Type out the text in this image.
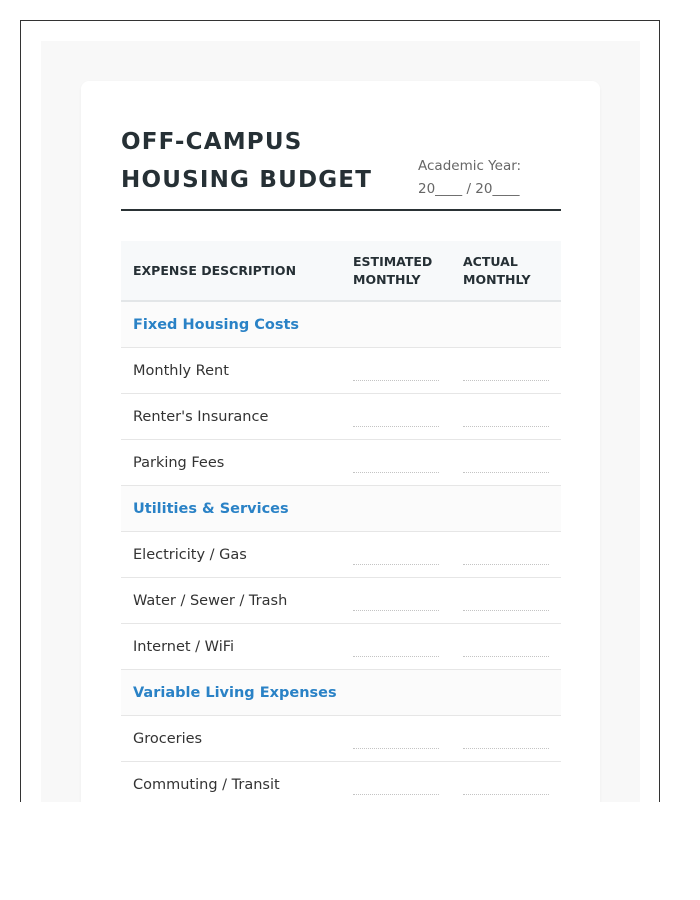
OFF-CAMPUS HOUSING BUDGET
Academic Year: 20____ / 20____
EXPENSE DESCRIPTION	ESTIMATED MONTHLY	ACTUAL MONTHLY
Fixed Housing Costs		
Monthly Rent	

Renter's Insurance	

Parking Fees	

Utilities & Services		
Electricity / Gas	

Water / Sewer / Trash	

Internet / WiFi	

Variable Living Expenses		
Groceries	

Commuting / Transit	
